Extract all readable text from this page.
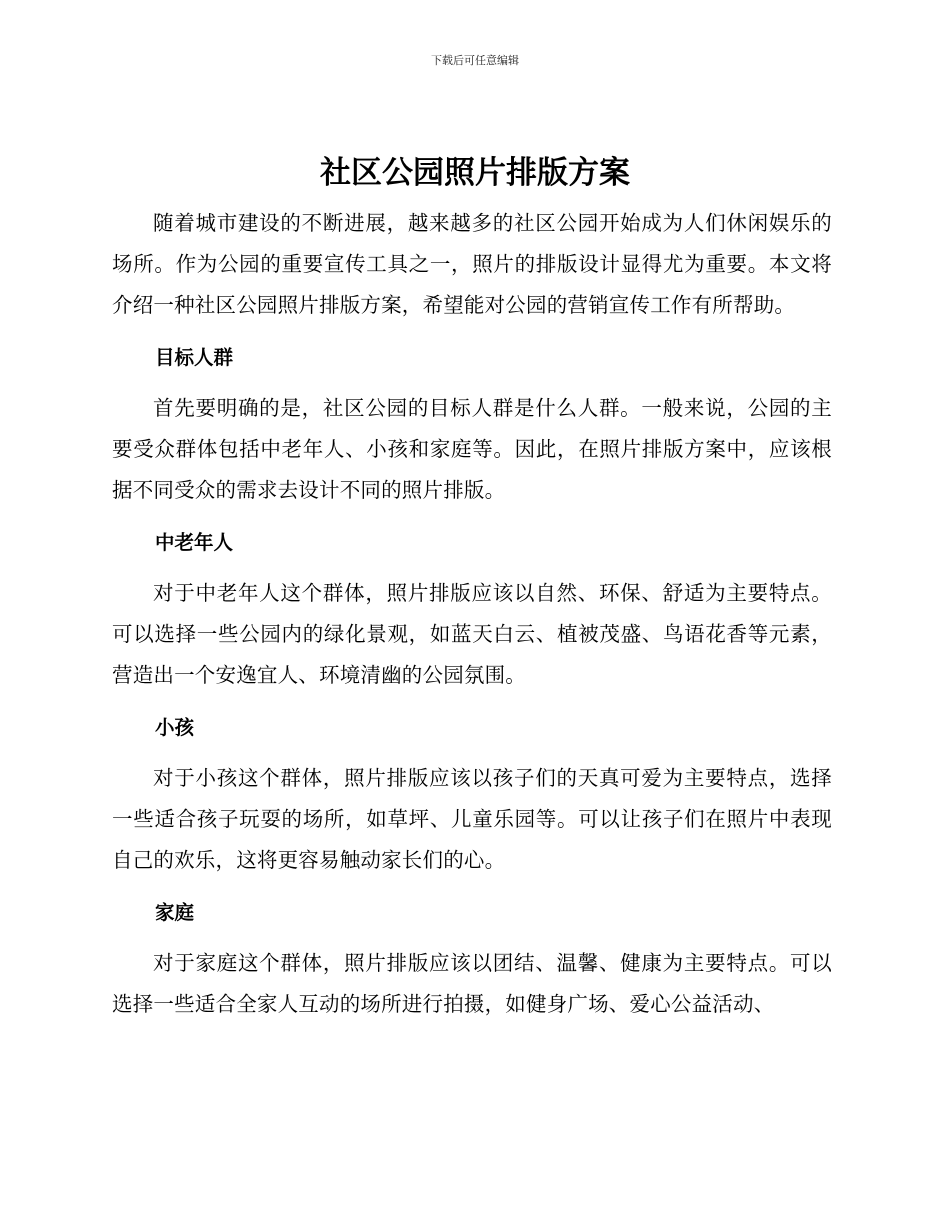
下载后可任意编辑
社区公园照片排版方案

随着城市建设的不断进展，越来越多的社区公园开始成为人们休闲娱乐的场所。作为公园的重要宣传工具之一，照片的排版设计显得尤为重要。本文将介绍一种社区公园照片排版方案，希望能对公园的营销宣传工作有所帮助。

目标人群

首先要明确的是，社区公园的目标人群是什么人群。一般来说，公园的主要受众群体包括中老年人、小孩和家庭等。因此，在照片排版方案中，应该根据不同受众的需求去设计不同的照片排版。

中老年人

对于中老年人这个群体，照片排版应该以自然、环保、舒适为主要特点。可以选择一些公园内的绿化景观，如蓝天白云、植被茂盛、鸟语花香等元素，营造出一个安逸宜人、环境清幽的公园氛围。

小孩

对于小孩这个群体，照片排版应该以孩子们的天真可爱为主要特点，选择一些适合孩子玩耍的场所，如草坪、儿童乐园等。可以让孩子们在照片中表现自己的欢乐，这将更容易触动家长们的心。

家庭

对于家庭这个群体，照片排版应该以团结、温馨、健康为主要特点。可以选择一些适合全家人互动的场所进行拍摄，如健身广场、爱心公益活动、
